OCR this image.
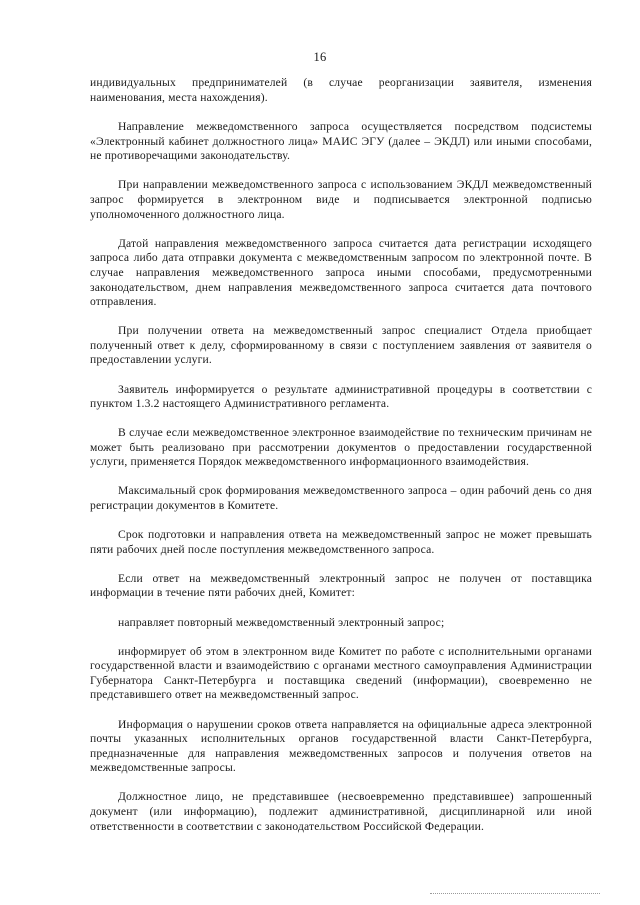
16

индивидуальных предпринимателей (в случае реорганизации заявителя, изменения наименования, места нахождения).

Направление межведомственного запроса осуществляется посредством подсистемы «Электронный кабинет должностного лица» МАИС ЭГУ (далее – ЭКДЛ) или иными способами, не противоречащими законодательству.

При направлении межведомственного запроса с использованием ЭКДЛ межведомственный запрос формируется в электронном виде и подписывается электронной подписью уполномоченного должностного лица.

Датой направления межведомственного запроса считается дата регистрации исходящего запроса либо дата отправки документа с межведомственным запросом по электронной почте. В случае направления межведомственного запроса иными способами, предусмотренными законодательством, днем направления межведомственного запроса считается дата почтового отправления.

При получении ответа на межведомственный запрос специалист Отдела приобщает полученный ответ к делу, сформированному в связи с поступлением заявления от заявителя о предоставлении услуги.

Заявитель информируется о результате административной процедуры в соответствии с пунктом 1.3.2 настоящего Административного регламента.

В случае если межведомственное электронное взаимодействие по техническим причинам не может быть реализовано при рассмотрении документов о предоставлении государственной услуги, применяется Порядок межведомственного информационного взаимодействия.

Максимальный срок формирования межведомственного запроса – один рабочий день со дня регистрации документов в Комитете.

Срок подготовки и направления ответа на межведомственный запрос не может превышать пяти рабочих дней после поступления межведомственного запроса.

Если ответ на межведомственный электронный запрос не получен от поставщика информации в течение пяти рабочих дней, Комитет:

направляет повторный межведомственный электронный запрос;

информирует об этом в электронном виде Комитет по работе с исполнительными органами государственной власти и взаимодействию с органами местного самоуправления Администрации Губернатора Санкт-Петербурга и поставщика сведений (информации), своевременно не представившего ответ на межведомственный запрос.

Информация о нарушении сроков ответа направляется на официальные адреса электронной почты указанных исполнительных органов государственной власти Санкт-Петербурга, предназначенные для направления межведомственных запросов и получения ответов на межведомственные запросы.

Должностное лицо, не представившее (несвоевременно представившее) запрошенный документ (или информацию), подлежит административной, дисциплинарной или иной ответственности в соответствии с законодательством Российской Федерации.
